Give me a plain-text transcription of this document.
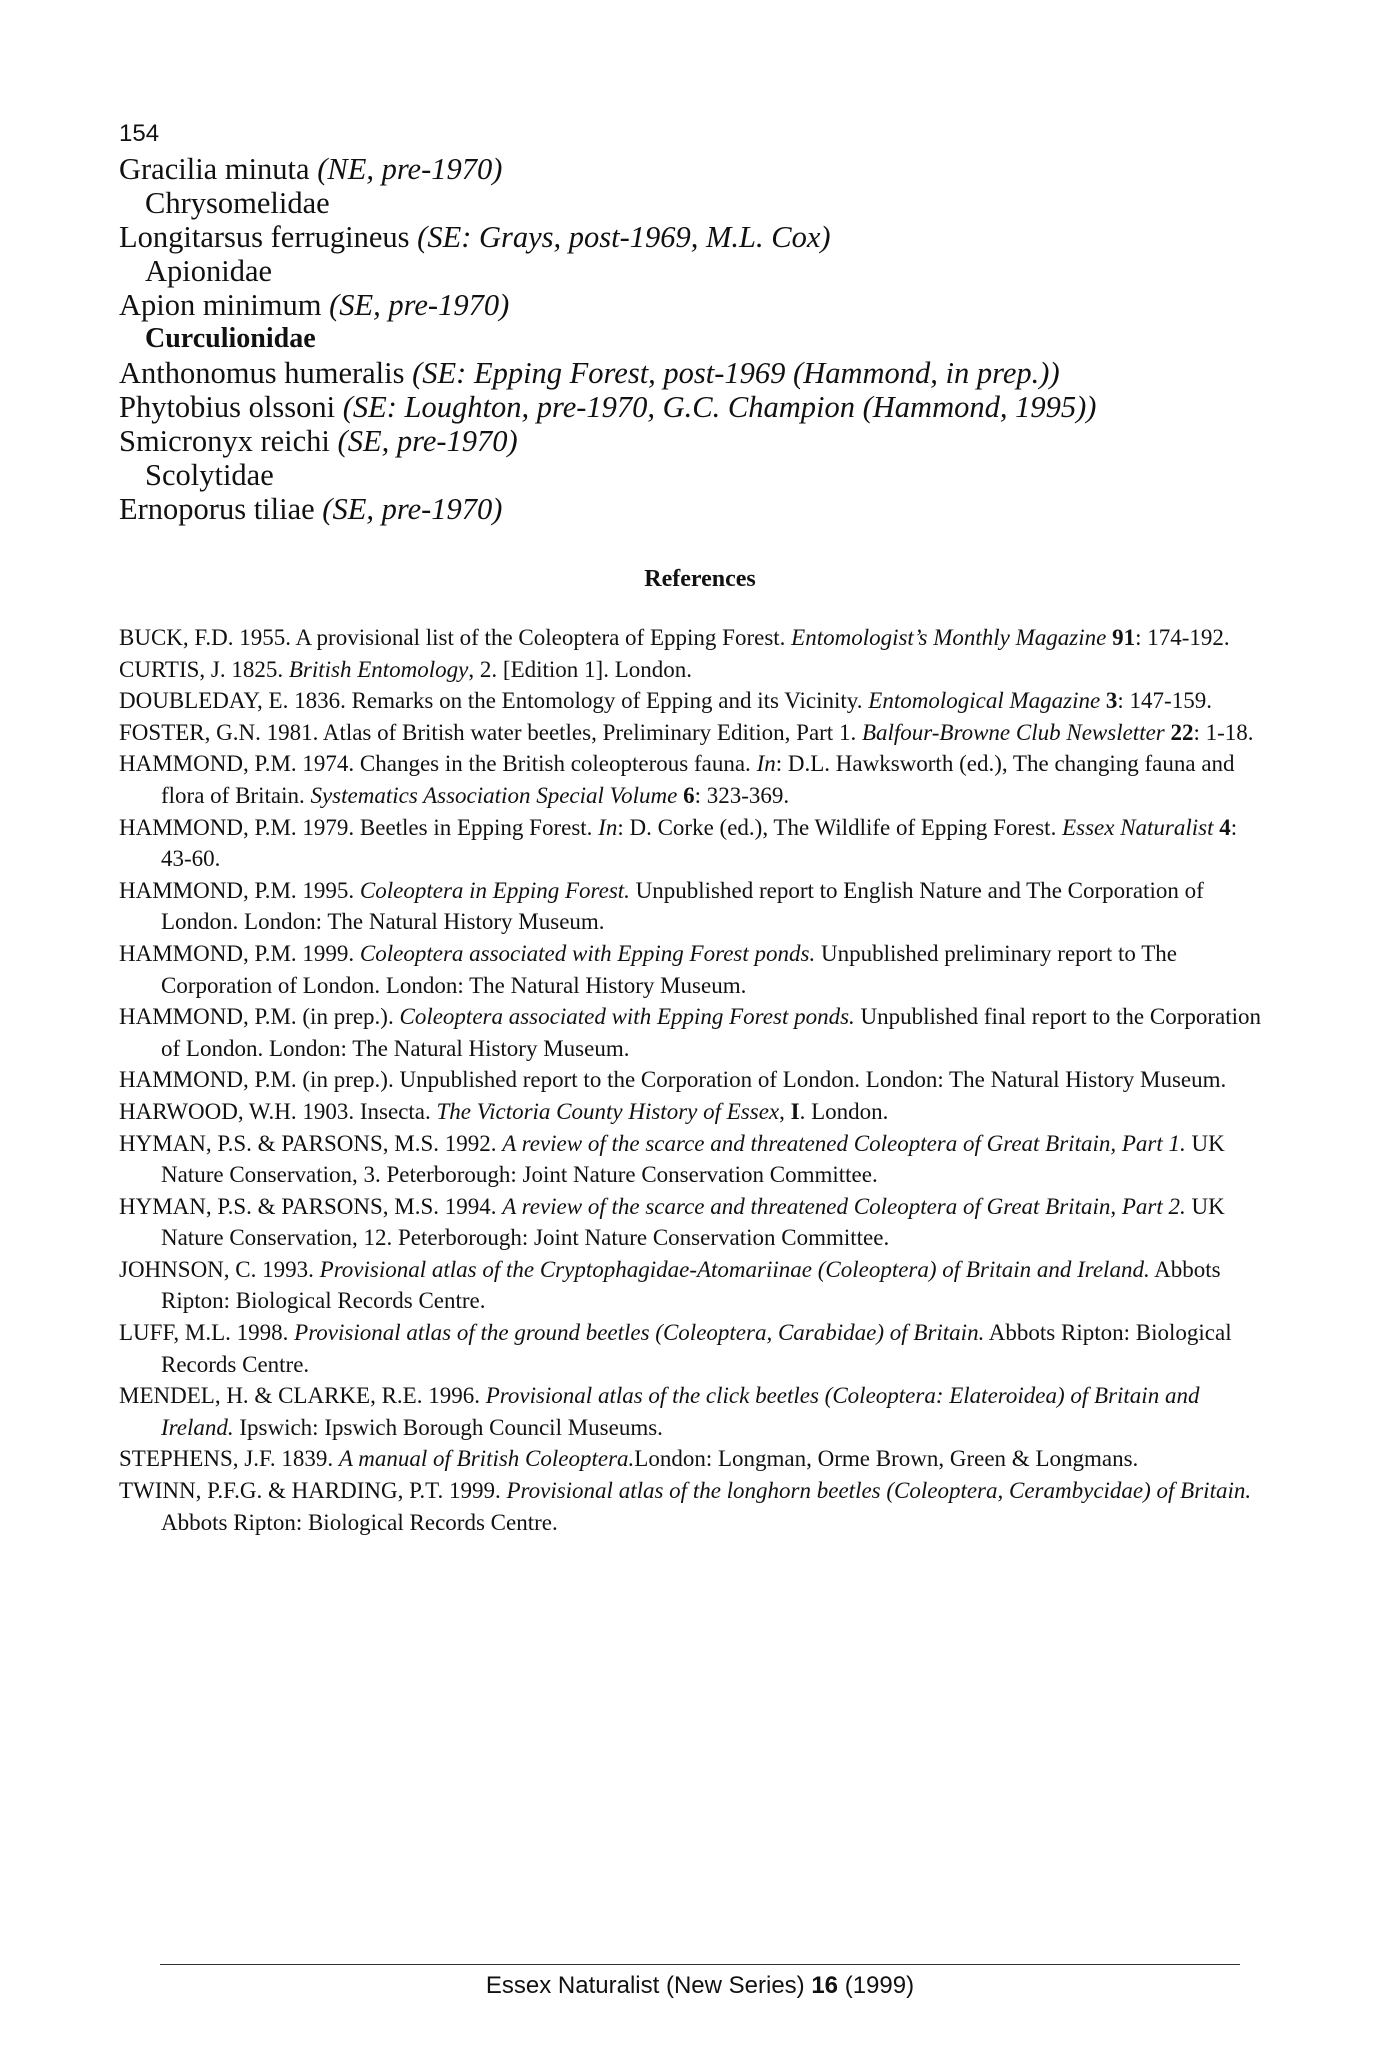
154
Gracilia minuta (NE, pre-1970)
Chrysomelidae
Longitarsus ferrugineus (SE: Grays, post-1969, M.L. Cox)
Apionidae
Apion minimum (SE, pre-1970)
Curculionidae
Anthonomus humeralis (SE: Epping Forest, post-1969 (Hammond, in prep.))
Phytobius olssoni (SE: Loughton, pre-1970, G.C. Champion (Hammond, 1995))
Smicronyx reichi (SE, pre-1970)
Scolytidae
Ernoporus tiliae (SE, pre-1970)
References
BUCK, F.D. 1955. A provisional list of the Coleoptera of Epping Forest. Entomologist’s Monthly Magazine 91: 174-192.
CURTIS, J. 1825. British Entomology, 2. [Edition 1]. London.
DOUBLEDAY, E. 1836. Remarks on the Entomology of Epping and its Vicinity. Entomological Magazine 3: 147-159.
FOSTER, G.N. 1981. Atlas of British water beetles, Preliminary Edition, Part 1. Balfour-Browne Club Newsletter 22: 1-18.
HAMMOND, P.M. 1974. Changes in the British coleopterous fauna. In: D.L. Hawksworth (ed.), The changing fauna and flora of Britain. Systematics Association Special Volume 6: 323-369.
HAMMOND, P.M. 1979. Beetles in Epping Forest. In: D. Corke (ed.), The Wildlife of Epping Forest. Essex Naturalist 4: 43-60.
HAMMOND, P.M. 1995. Coleoptera in Epping Forest. Unpublished report to English Nature and The Corporation of London. London: The Natural History Museum.
HAMMOND, P.M. 1999. Coleoptera associated with Epping Forest ponds. Unpublished preliminary report to The Corporation of London. London: The Natural History Museum.
HAMMOND, P.M. (in prep.). Coleoptera associated with Epping Forest ponds. Unpublished final report to the Corporation of London. London: The Natural History Museum.
HAMMOND, P.M. (in prep.). Unpublished report to the Corporation of London. London: The Natural History Museum.
HARWOOD, W.H. 1903. Insecta. The Victoria County History of Essex, I. London.
HYMAN, P.S. & PARSONS, M.S. 1992. A review of the scarce and threatened Coleoptera of Great Britain, Part 1. UK Nature Conservation, 3. Peterborough: Joint Nature Conservation Committee.
HYMAN, P.S. & PARSONS, M.S. 1994. A review of the scarce and threatened Coleoptera of Great Britain, Part 2. UK Nature Conservation, 12. Peterborough: Joint Nature Conservation Committee.
JOHNSON, C. 1993. Provisional atlas of the Cryptophagidae-Atomariinae (Coleoptera) of Britain and Ireland. Abbots Ripton: Biological Records Centre.
LUFF, M.L. 1998. Provisional atlas of the ground beetles (Coleoptera, Carabidae) of Britain. Abbots Ripton: Biological Records Centre.
MENDEL, H. & CLARKE, R.E. 1996. Provisional atlas of the click beetles (Coleoptera: Elateroidea) of Britain and Ireland. Ipswich: Ipswich Borough Council Museums.
STEPHENS, J.F. 1839. A manual of British Coleoptera.London: Longman, Orme Brown, Green & Longmans.
TWINN, P.F.G. & HARDING, P.T. 1999. Provisional atlas of the longhorn beetles (Coleoptera, Cerambycidae) of Britain. Abbots Ripton: Biological Records Centre.
Essex Naturalist (New Series) 16 (1999)
